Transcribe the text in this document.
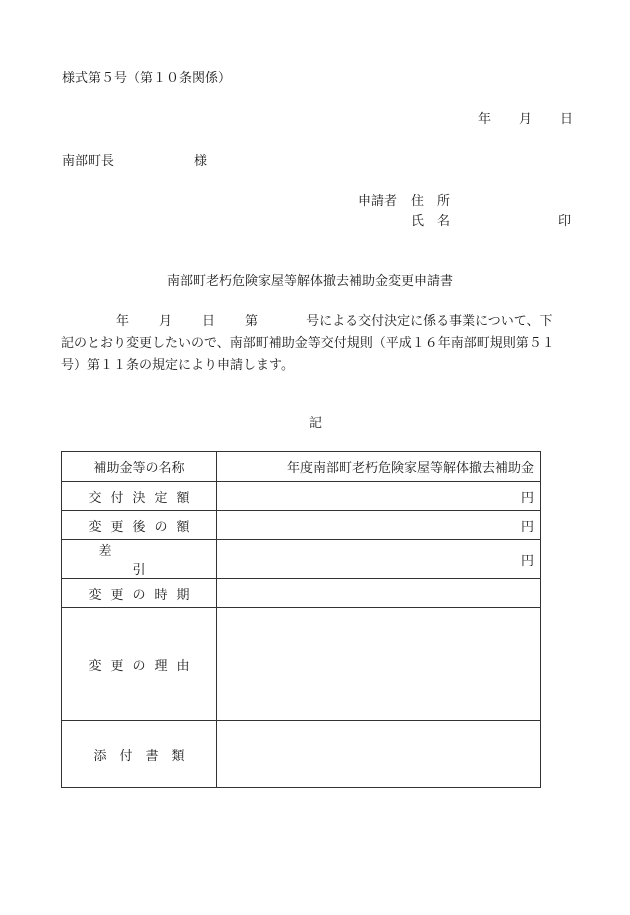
様式第５号（第１０条関係）
年 月 日
南部町長	様
申請者 住　所
氏　名	印
南部町老朽危険家屋等解体撤去補助金変更申請書
年 月 日 第	号による交付決定に係る事業について、下
記のとおり変更したいので、南部町補助金等交付規則（平成１６年南部町規則第５１
号）第１１条の規定により申請します。
記
補助金等の名称	年度南部町老朽危険家屋等解体撤去補助金
交付決定額	円
変更後の額	円
差引	円
変更の時期	
変更の理由	
添付書類	
